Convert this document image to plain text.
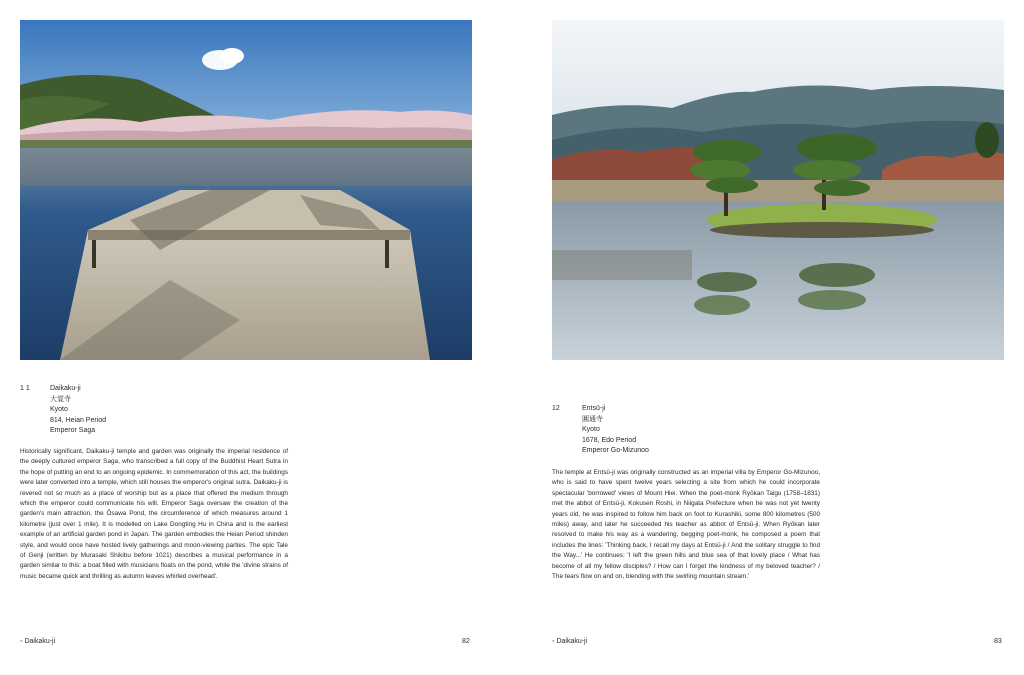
1 1	Daikaku-ji
大覚寺
Kyoto
814, Heian Period
Emperor Saga
Historically significant, Daikaku-ji temple and garden was originally the imperial residence of the deeply cultured emperor Saga, who transcribed a full copy of the Buddhist Heart Sutra in the hope of putting an end to an ongoing epidemic. In commemoration of this act, the buildings were later converted into a temple, which still houses the emperor's original sutra. Daikaku-ji is revered not so much as a place of worship but as a place that offered the medium through which the emperor could communicate his will. Emperor Saga oversaw the creation of the garden's main attraction, the Ōsawa Pond, the circumference of which measures around 1 kilometre (just over 1 mile). It is modelled on Lake Dongting Hu in China and is the earliest example of an artificial garden pond in Japan. The garden embodies the Heian Period shinden style, and would once have hosted lively gatherings and moon-viewing parties. The epic Tale of Genji (written by Murasaki Shikibu before 1021) describes a musical performance in a garden similar to this: a boat filled with musicians floats on the pond, while the 'divine strains of music became quick and thrilling as autumn leaves whirled overhead'.
◦ Daikaku-ji	82
12	Entsū-ji
圓通寺
Kyoto
1678, Edo Period
Emperor Go-Mizunoo
The temple at Entsū-ji was originally constructed as an imperial villa by Emperor Go-Mizunoo, who is said to have spent twelve years selecting a site from which he could incorporate spectacular 'borrowed' views of Mount Hiei. When the poet-monk Ryōkan Taigu (1758–1831) met the abbot of Entsū-ji, Kokusen Roshi, in Niigata Prefecture when he was not yet twenty years old, he was inspired to follow him back on foot to Kurashiki, some 800 kilometres (500 miles) away, and later he succeeded his teacher as abbot of Entsū-ji. When Ryōkan later resolved to make his way as a wandering, begging poet-monk, he composed a poem that includes the lines: 'Thinking back, I recall my days at Entsū-ji / And the solitary struggle to find the Way...' He continues: 'I left the green hills and blue sea of that lovely place / What has become of all my fellow disciples? / How can I forget the kindness of my beloved teacher? / The tears flow on and on, blending with the swirling mountain stream.'
◦ Daikaku-ji	83
